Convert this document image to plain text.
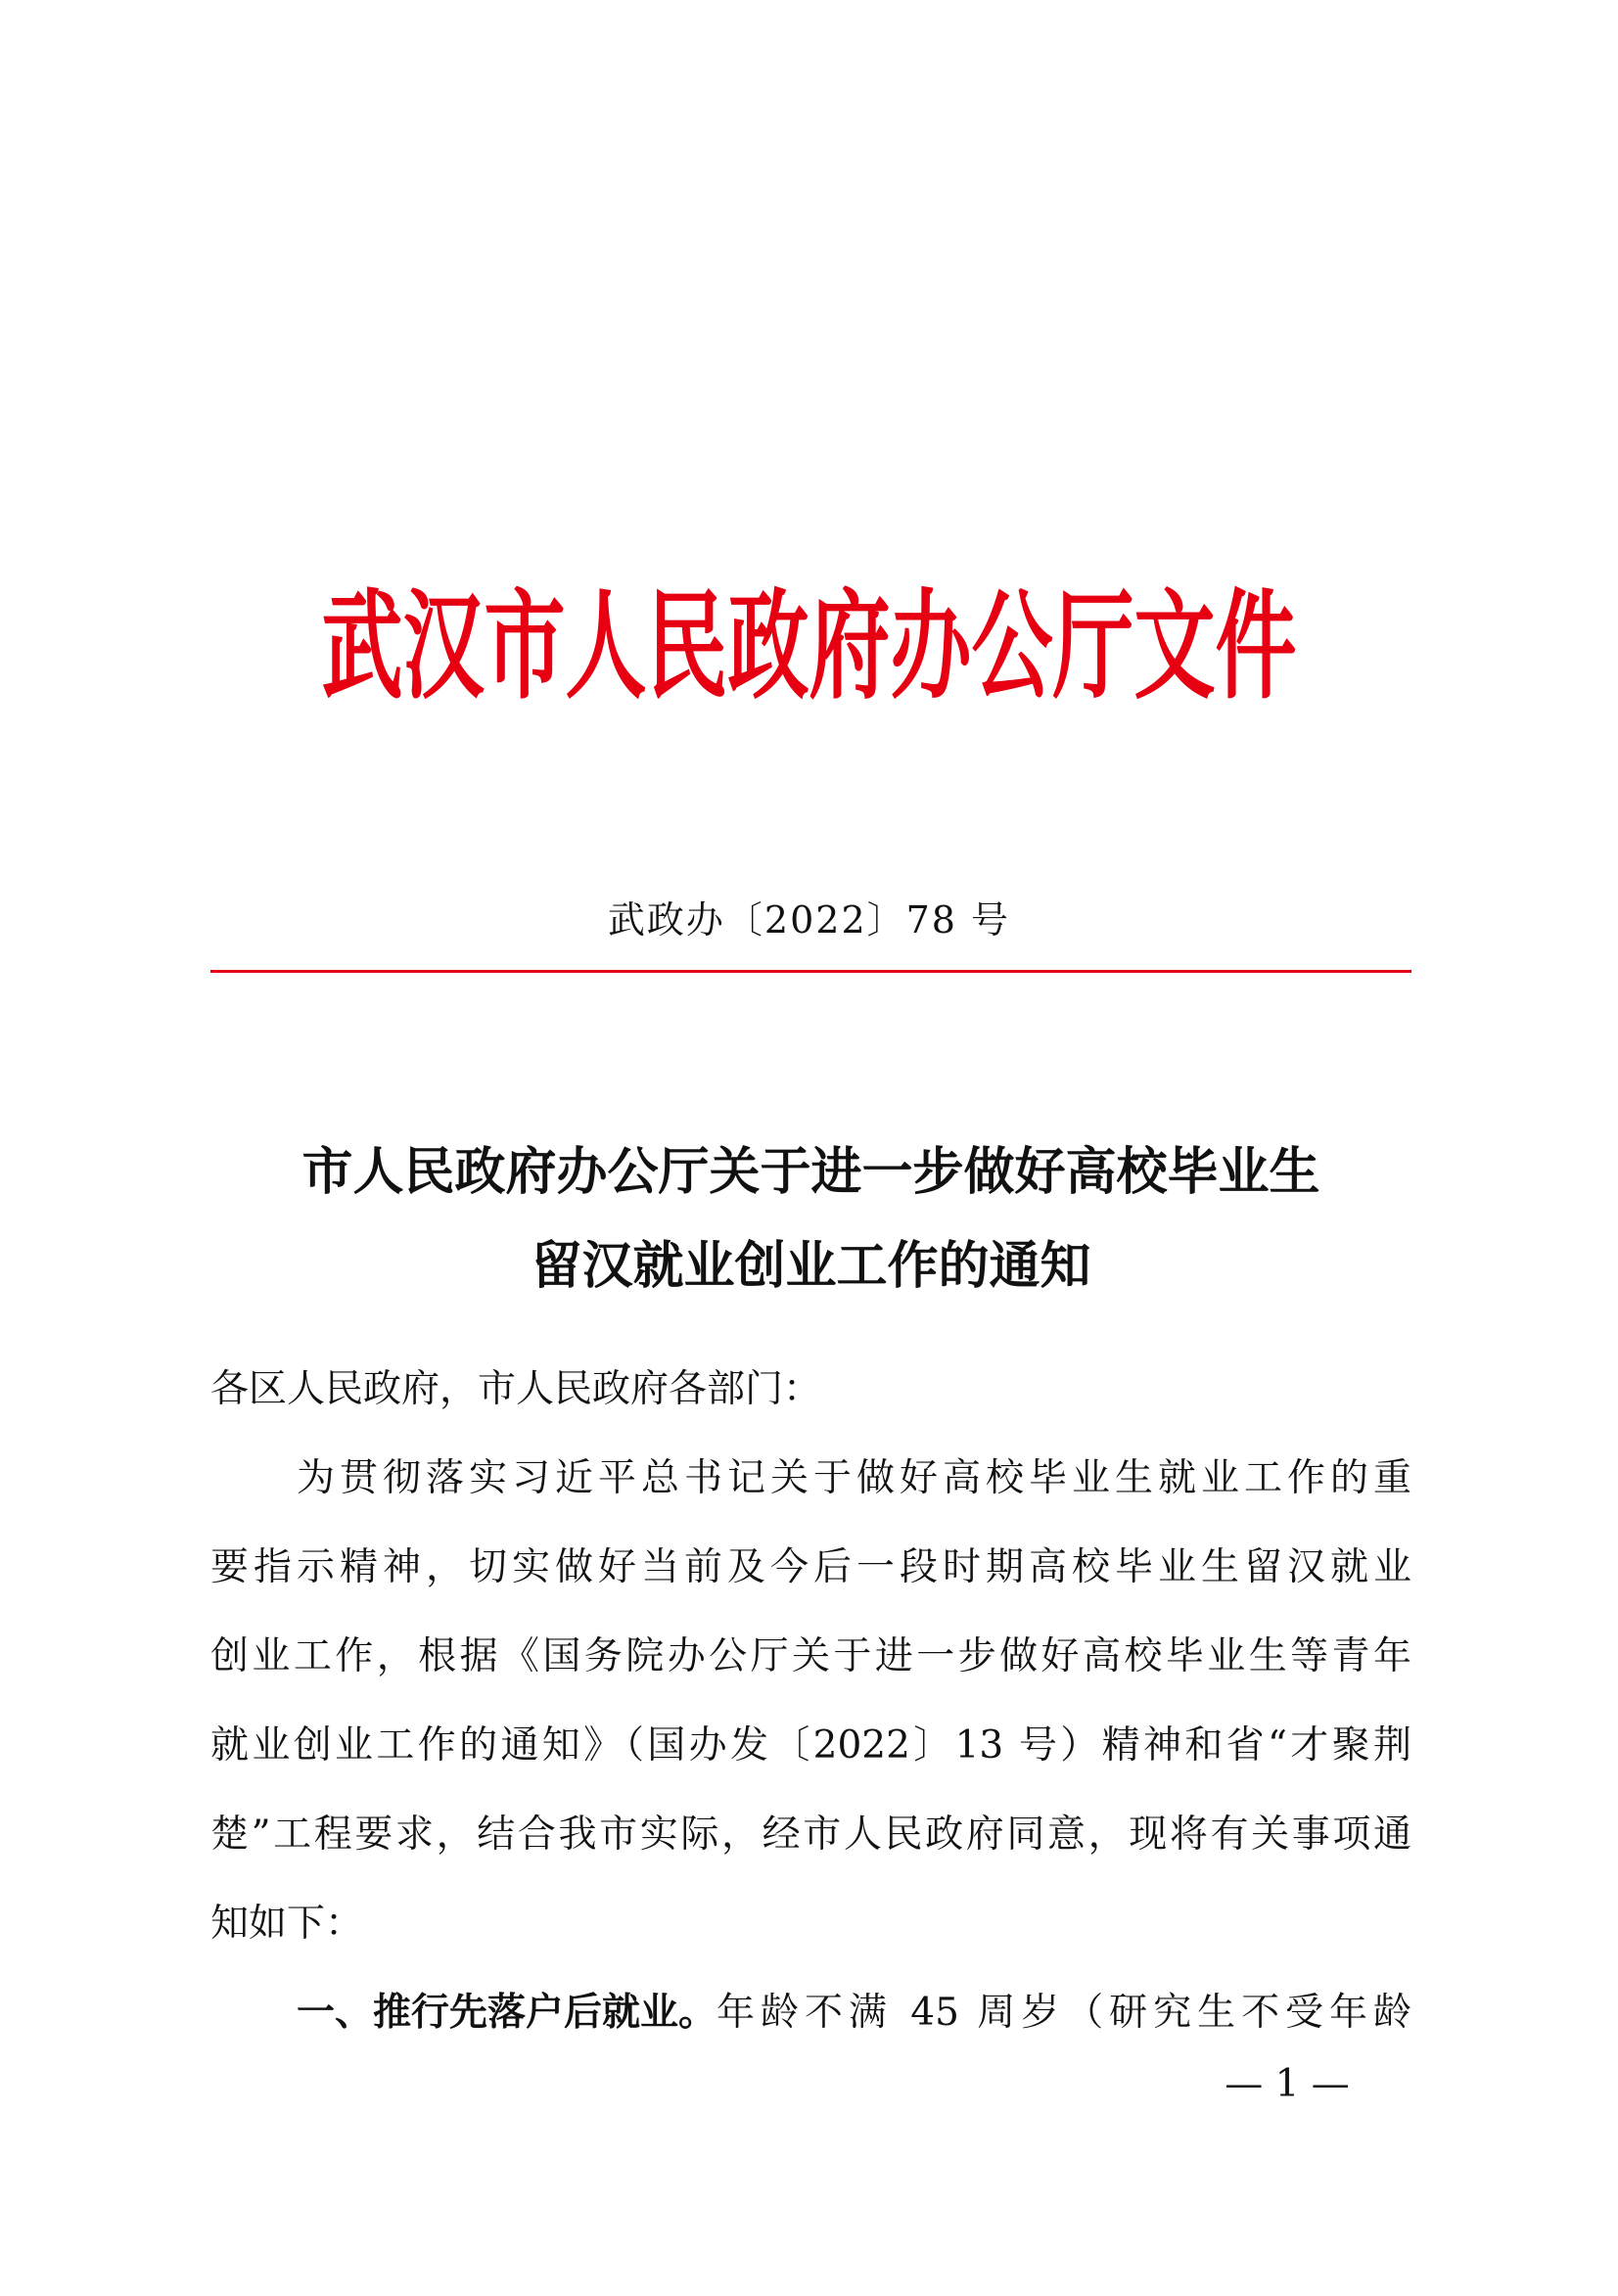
武汉市人民政府办公厅文件
武政办〔2022〕78 号
市人民政府办公厅关于进一步做好高校毕业生
留汉就业创业工作的通知
各区人民政府，市人民政府各部门：
为贯彻落实习近平总书记关于做好高校毕业生就业工作的重
要指示精神，切实做好当前及今后一段时期高校毕业生留汉就业
创业工作，根据《国务院办公厅关于进一步做好高校毕业生等青年
就业创业工作的通知》（国办发〔2022〕13 号）精神和省“才聚荆
楚”工程要求，结合我市实际，经市人民政府同意，现将有关事项通
知如下：
一、推行先落户后就业。 年龄不满 45 周岁（研究生不受年龄
— 1 —
